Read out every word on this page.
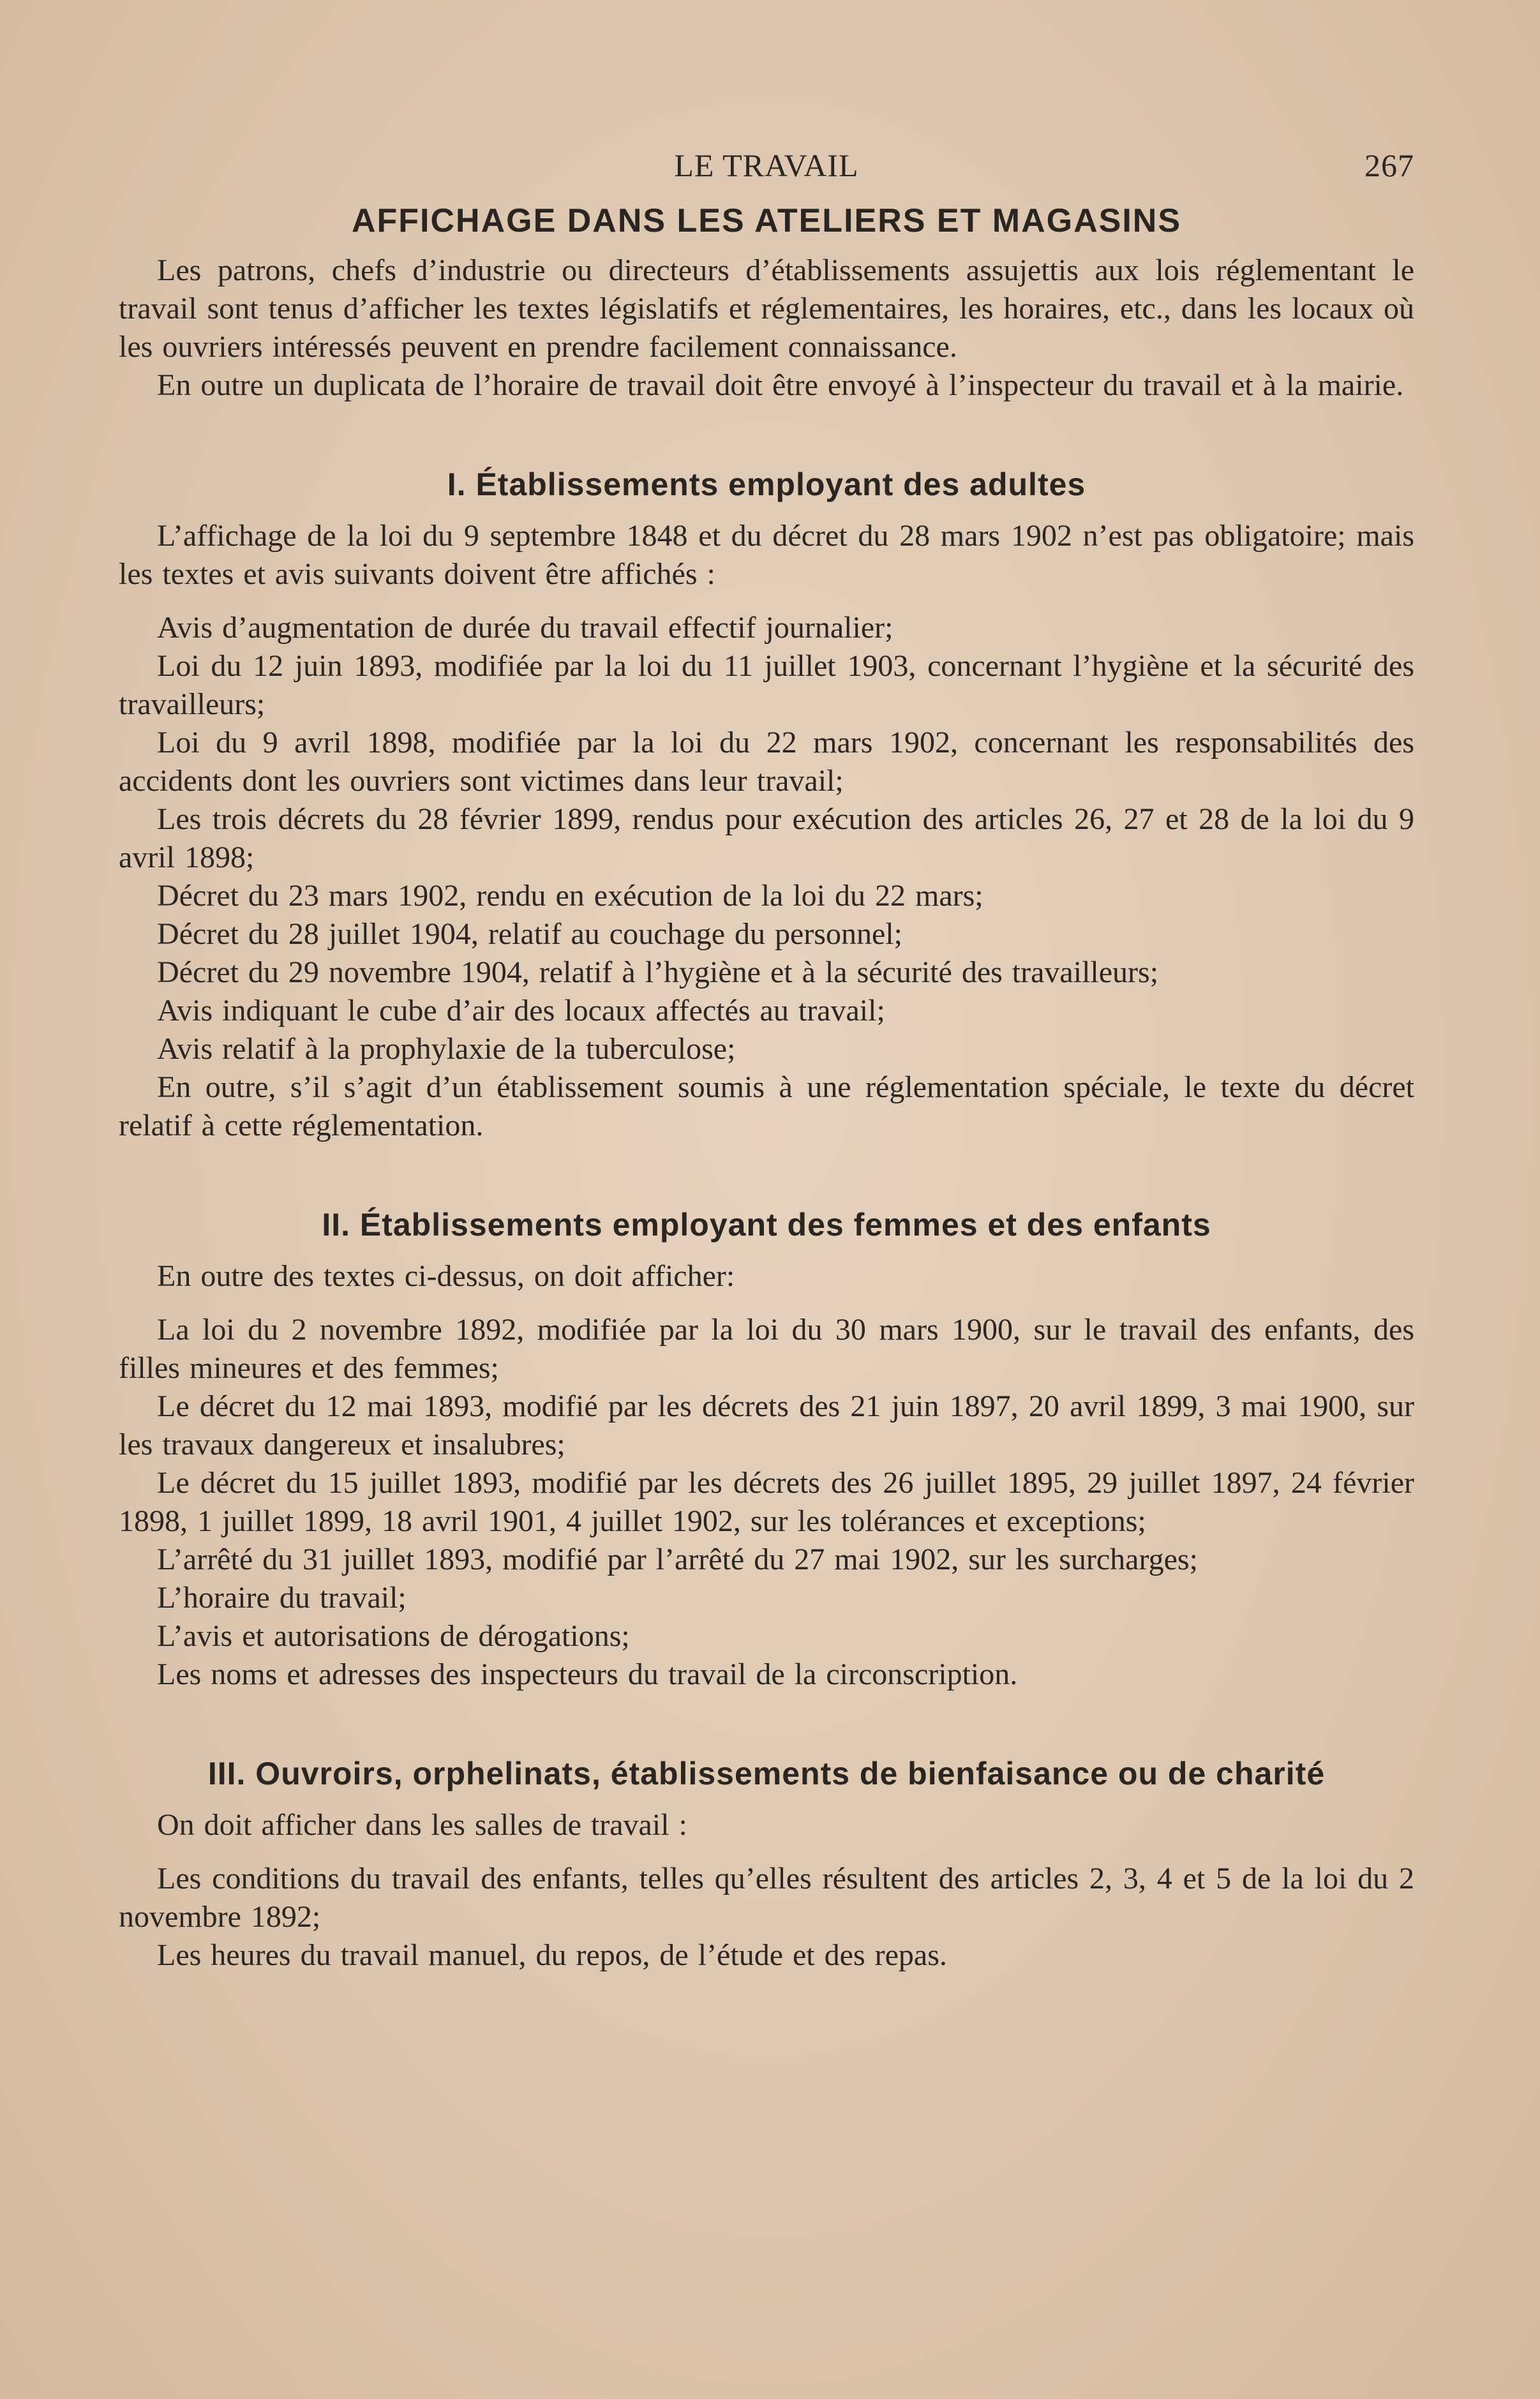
LE TRAVAIL	267
AFFICHAGE DANS LES ATELIERS ET MAGASINS

Les patrons, chefs d’industrie ou directeurs d’établissements assujettis aux lois réglementant le travail sont tenus d’afficher les textes législatifs et réglementaires, les horaires, etc., dans les locaux où les ouvriers intéressés peuvent en prendre facilement connaissance.

En outre un duplicata de l’horaire de travail doit être envoyé à l’inspecteur du travail et à la mairie.

I. Établissements employant des adultes

L’affichage de la loi du 9 septembre 1848 et du décret du 28 mars 1902 n’est pas obligatoire; mais les textes et avis suivants doivent être affichés :

Avis d’augmentation de durée du travail effectif journalier;

Loi du 12 juin 1893, modifiée par la loi du 11 juillet 1903, concernant l’hygiène et la sécurité des travailleurs;

Loi du 9 avril 1898, modifiée par la loi du 22 mars 1902, concernant les responsabilités des accidents dont les ouvriers sont victimes dans leur travail;

Les trois décrets du 28 février 1899, rendus pour exécution des articles 26, 27 et 28 de la loi du 9 avril 1898;

Décret du 23 mars 1902, rendu en exécution de la loi du 22 mars;

Décret du 28 juillet 1904, relatif au couchage du personnel;

Décret du 29 novembre 1904, relatif à l’hygiène et à la sécurité des travailleurs;

Avis indiquant le cube d’air des locaux affectés au travail;

Avis relatif à la prophylaxie de la tuberculose;

En outre, s’il s’agit d’un établissement soumis à une réglementation spéciale, le texte du décret relatif à cette réglementation.

II. Établissements employant des femmes et des enfants

En outre des textes ci-dessus, on doit afficher:

La loi du 2 novembre 1892, modifiée par la loi du 30 mars 1900, sur le travail des enfants, des filles mineures et des femmes;

Le décret du 12 mai 1893, modifié par les décrets des 21 juin 1897, 20 avril 1899, 3 mai 1900, sur les travaux dangereux et insalubres;

Le décret du 15 juillet 1893, modifié par les décrets des 26 juillet 1895, 29 juillet 1897, 24 février 1898, 1 juillet 1899, 18 avril 1901, 4 juillet 1902, sur les tolérances et exceptions;

L’arrêté du 31 juillet 1893, modifié par l’arrêté du 27 mai 1902, sur les surcharges;

L’horaire du travail;

L’avis et autorisations de dérogations;

Les noms et adresses des inspecteurs du travail de la circonscription.

III. Ouvroirs, orphelinats, établissements de bienfaisance ou de charité

On doit afficher dans les salles de travail :

Les conditions du travail des enfants, telles qu’elles résultent des articles 2, 3, 4 et 5 de la loi du 2 novembre 1892;

Les heures du travail manuel, du repos, de l’étude et des repas.
